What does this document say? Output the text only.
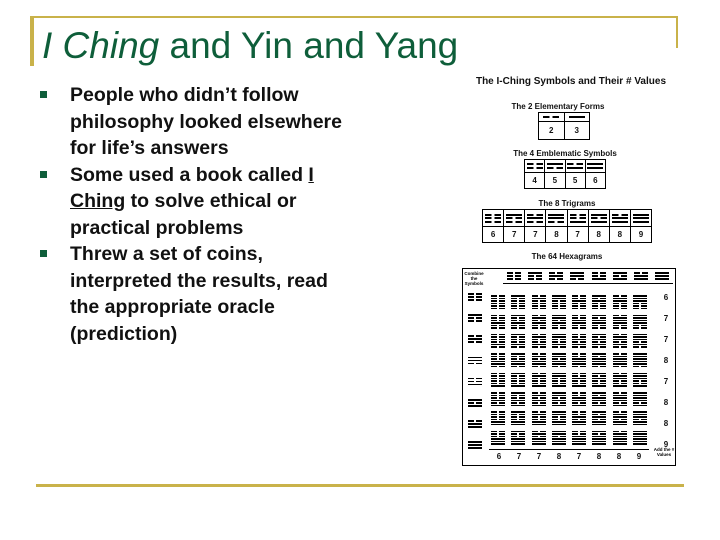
I Ching and Yin and Yang
People who didn’t follow philosophy looked elsewhere for life’s answers
Some used a book called I Ching to solve ethical or practical problems
Threw a set of coins, interpreted the results, read the appropriate oracle (prediction)
The I-Ching Symbols and Their # Values
The 2 Elementary Forms
2	3
The 4 Emblematic Symbols
4	5	5	6
The 8 Trigrams
6	7	7	8	7	8	8	9
The 64 Hexagrams
Combine the Symbols
6
7
7
8
7
8
8
9
6	7	7	8	7	8	8	9
Add the # Values
